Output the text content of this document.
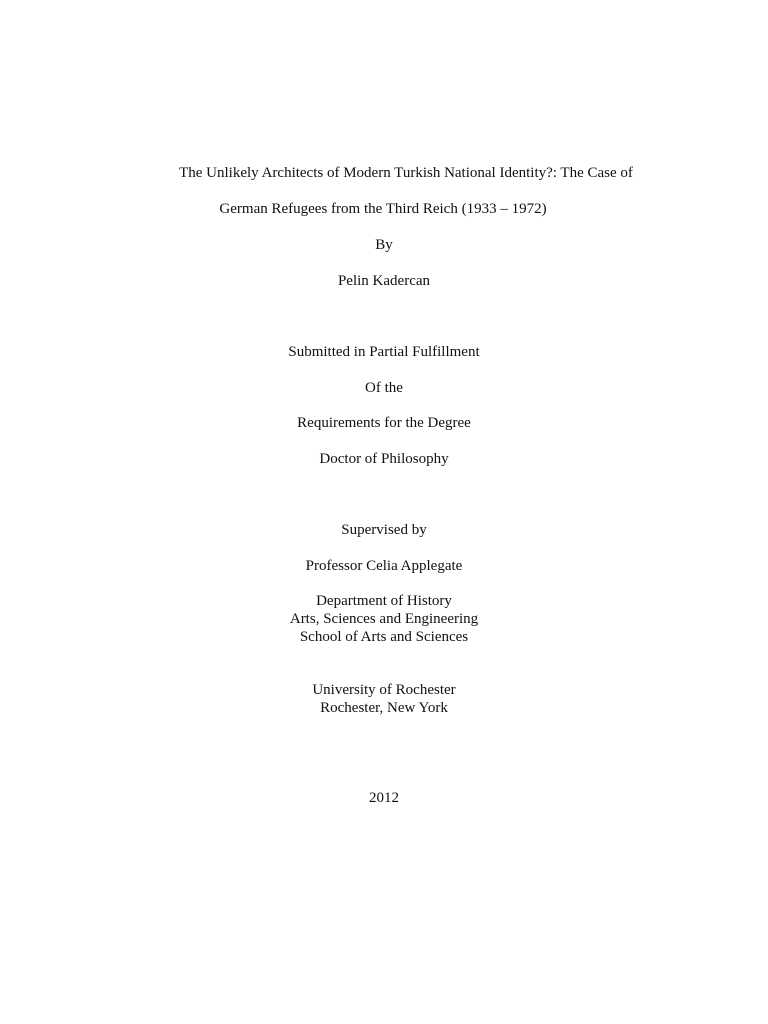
The Unlikely Architects of Modern Turkish National Identity?: The Case of
German Refugees from the Third Reich (1933 – 1972)
By
Pelin Kadercan
Submitted in Partial Fulfillment
Of the
Requirements for the Degree
Doctor of Philosophy
Supervised by
Professor Celia Applegate
Department of History
Arts, Sciences and Engineering
School of Arts and Sciences
University of Rochester
Rochester, New York
2012
